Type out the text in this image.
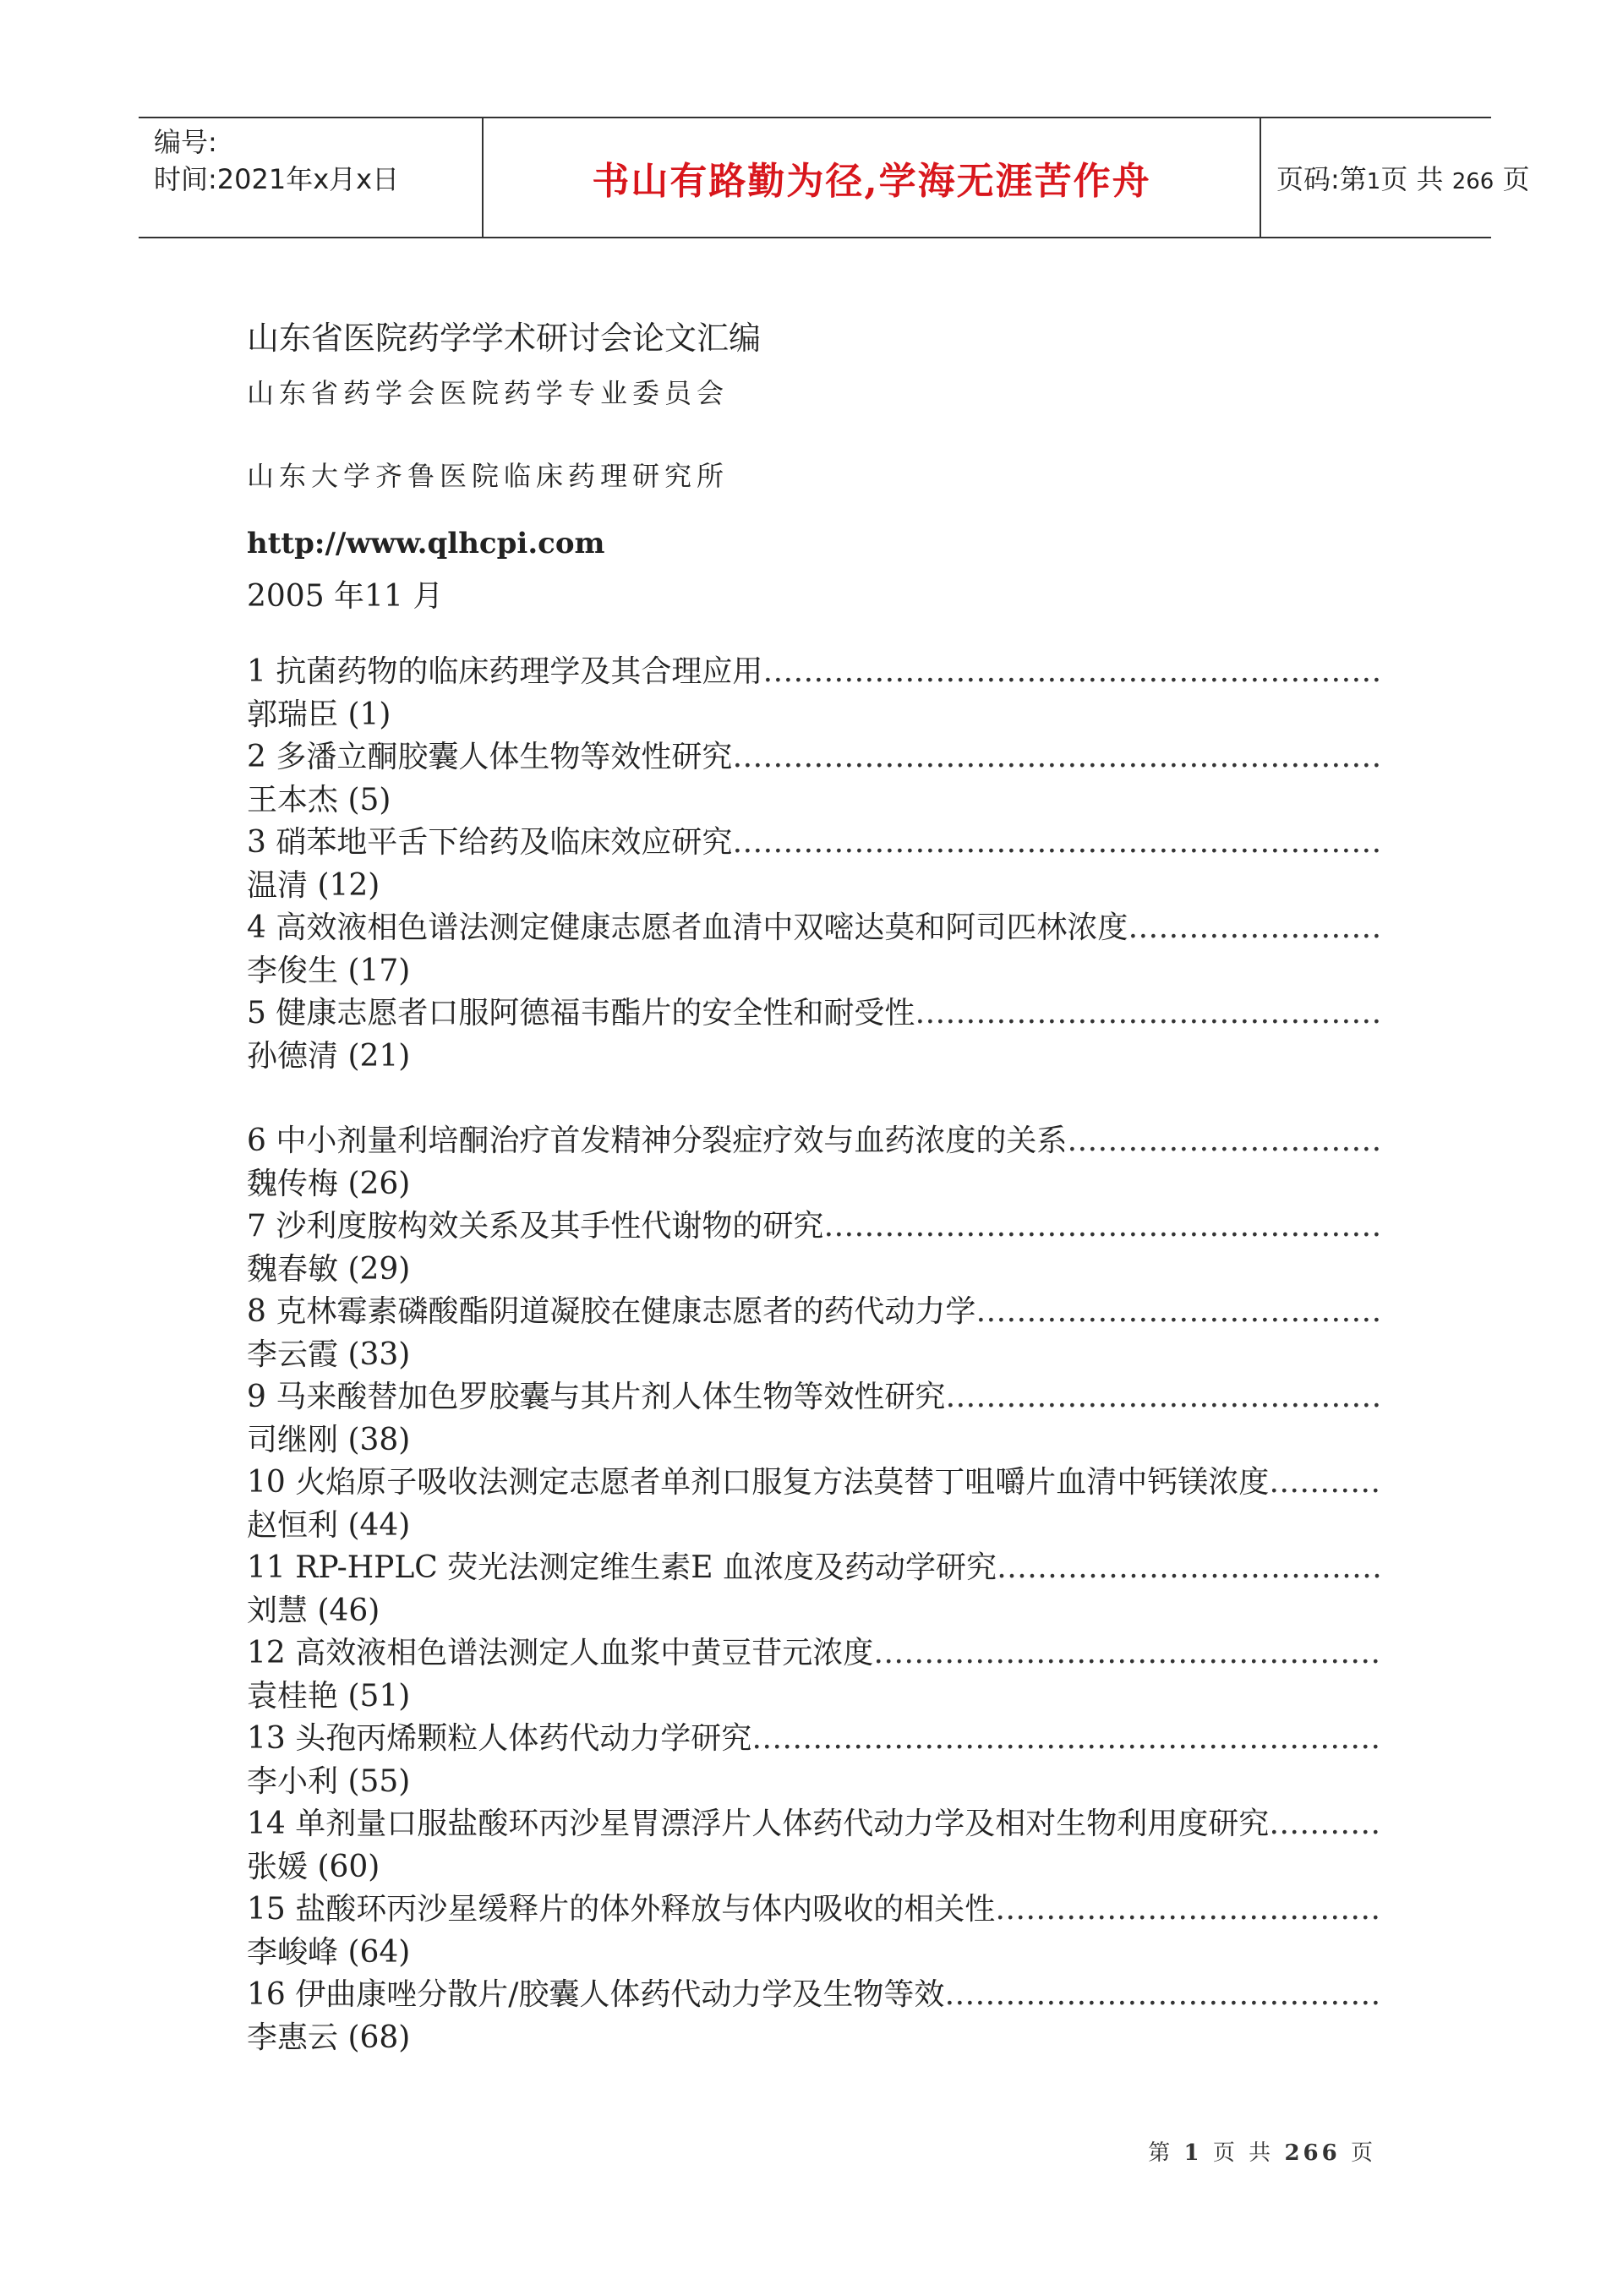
编号:
时间:2021年x月x日	书山有路勤为径,学海无涯苦作舟	页码:第1页 共 266 页
山东省医院药学学术研讨会论文汇编
山东省药学会医院药学专业委员会
山东大学齐鲁医院临床药理研究所
http://www.qlhcpi.com
2005 年11 月
1 抗菌药物的临床药理学及其合理应用
…………………………………………………………………………………………………………………………………………………………………………………
郭瑞臣 (1)
2 多潘立酮胶囊人体生物等效性研究
…………………………………………………………………………………………………………………………………………………………………………………
王本杰 (5)
3 硝苯地平舌下给药及临床效应研究
…………………………………………………………………………………………………………………………………………………………………………………
温清 (12)
4 高效液相色谱法测定健康志愿者血清中双嘧达莫和阿司匹林浓度
…………………………………………………………………………………………………………………………………………………………………………………
李俊生 (17)
5 健康志愿者口服阿德福韦酯片的安全性和耐受性
…………………………………………………………………………………………………………………………………………………………………………………
孙德清 (21)
6 中小剂量利培酮治疗首发精神分裂症疗效与血药浓度的关系
…………………………………………………………………………………………………………………………………………………………………………………
魏传梅 (26)
7 沙利度胺构效关系及其手性代谢物的研究
…………………………………………………………………………………………………………………………………………………………………………………
魏春敏 (29)
8 克林霉素磷酸酯阴道凝胶在健康志愿者的药代动力学
…………………………………………………………………………………………………………………………………………………………………………………
李云霞 (33)
9 马来酸替加色罗胶囊与其片剂人体生物等效性研究
…………………………………………………………………………………………………………………………………………………………………………………
司继刚 (38)
10 火焰原子吸收法测定志愿者单剂口服复方法莫替丁咀嚼片血清中钙镁浓度
…………………………………………………………………………………………………………………………………………………………………………………
赵恒利 (44)
11 RP-HPLC 荧光法测定维生素E 血浓度及药动学研究
…………………………………………………………………………………………………………………………………………………………………………………
刘慧 (46)
12 高效液相色谱法测定人血浆中黄豆苷元浓度
…………………………………………………………………………………………………………………………………………………………………………………
袁桂艳 (51)
13 头孢丙烯颗粒人体药代动力学研究
…………………………………………………………………………………………………………………………………………………………………………………
李小利 (55)
14 单剂量口服盐酸环丙沙星胃漂浮片人体药代动力学及相对生物利用度研究
…………………………………………………………………………………………………………………………………………………………………………………
张媛 (60)
15 盐酸环丙沙星缓释片的体外释放与体内吸收的相关性
…………………………………………………………………………………………………………………………………………………………………………………
李峻峰 (64)
16 伊曲康唑分散片/胶囊人体药代动力学及生物等效
…………………………………………………………………………………………………………………………………………………………………………………
李惠云 (68)
第 1 页 共 266 页
